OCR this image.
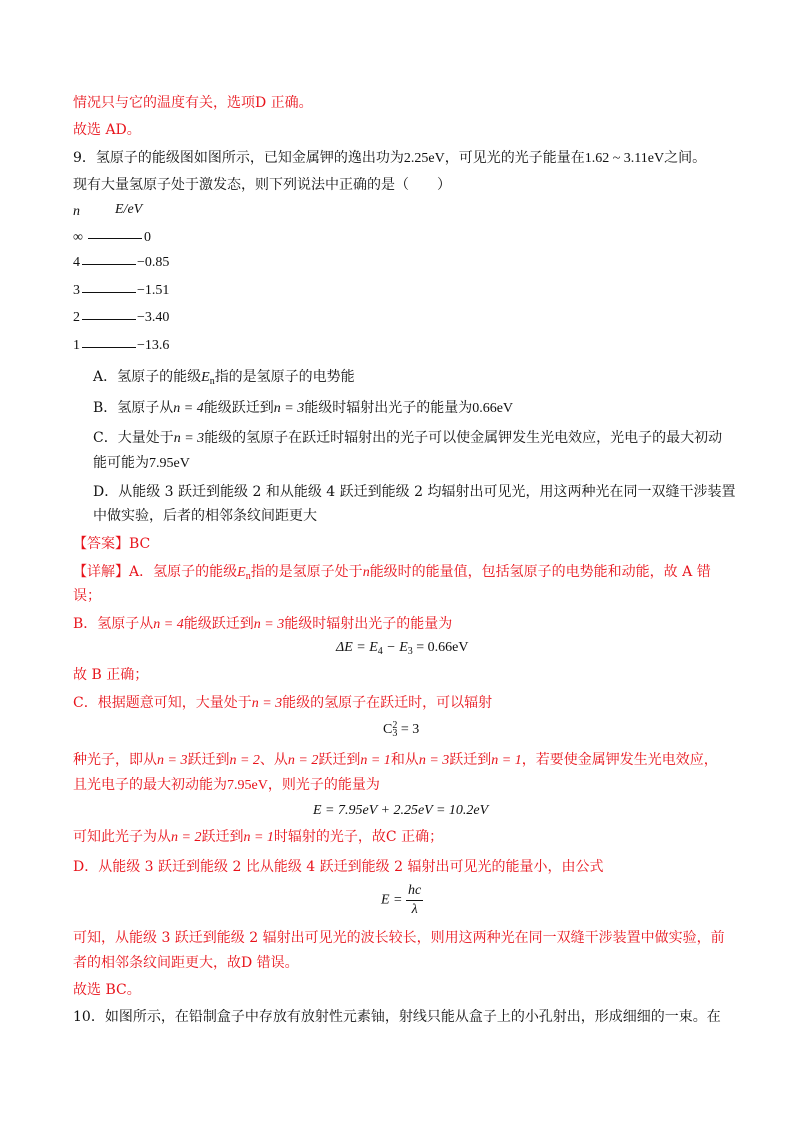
情况只与它的温度有关，选项D 正确。
故选 AD。
9．氢原子的能级图如图所示，已知金属钾的逸出功为2.25eV，可见光的光子能量在1.62 ~ 3.11eV之间。
现有大量氢原子处于激发态，则下列说法中正确的是（　　）
n	E/eV
∞	0
4	−0.85
3	−1.51
2	−3.40
1	−13.6
A．氢原子的能级$E_n$指的是氢原子的电势能
B．氢原子从n = 4能级跃迁到n = 3能级时辐射出光子的能量为0.66eV
C．大量处于n = 3能级的氢原子在跃迁时辐射出的光子可以使金属钾发生光电效应，光电子的最大初动
能可能为7.95eV
D．从能级 3 跃迁到能级 2 和从能级 4 跃迁到能级 2 均辐射出可见光，用这两种光在同一双缝干涉装置
中做实验，后者的相邻条纹间距更大
【答案】BC
【详解】A．氢原子的能级$E_n$指的是氢原子处于n能级时的能量值，包括氢原子的电势能和动能，故 A 错
误；
B．氢原子从n = 4能级跃迁到n = 3能级时辐射出光子的能量为
$\Delta E = E_4 - E_3 = 0.66eV$
故 B 正确；
C．根据题意可知，大量处于n = 3能级的氢原子在跃迁时，可以辐射
C 2
3 = 3
种光子，即从n = 3跃迁到n = 2、从n = 2跃迁到n = 1和从n = 3跃迁到n = 1，若要使金属钾发生光电效应，
且光电子的最大初动能为7.95eV，则光子的能量为
E = 7.95eV + 2.25eV = 10.2eV
可知此光子为从n = 2跃迁到n = 1时辐射的光子，故C 正确；
D．从能级 3 跃迁到能级 2 比从能级 4 跃迁到能级 2 辐射出可见光的能量小，由公式
$E = \frac{hc}{\lambda}$
可知，从能级 3 跃迁到能级 2 辐射出可见光的波长较长，则用这两种光在同一双缝干涉装置中做实验，前
者的相邻条纹间距更大，故D 错误。
故选 BC。
10．如图所示，在铅制盒子中存放有放射性元素铀，射线只能从盒子上的小孔射出，形成细细的一束。在
